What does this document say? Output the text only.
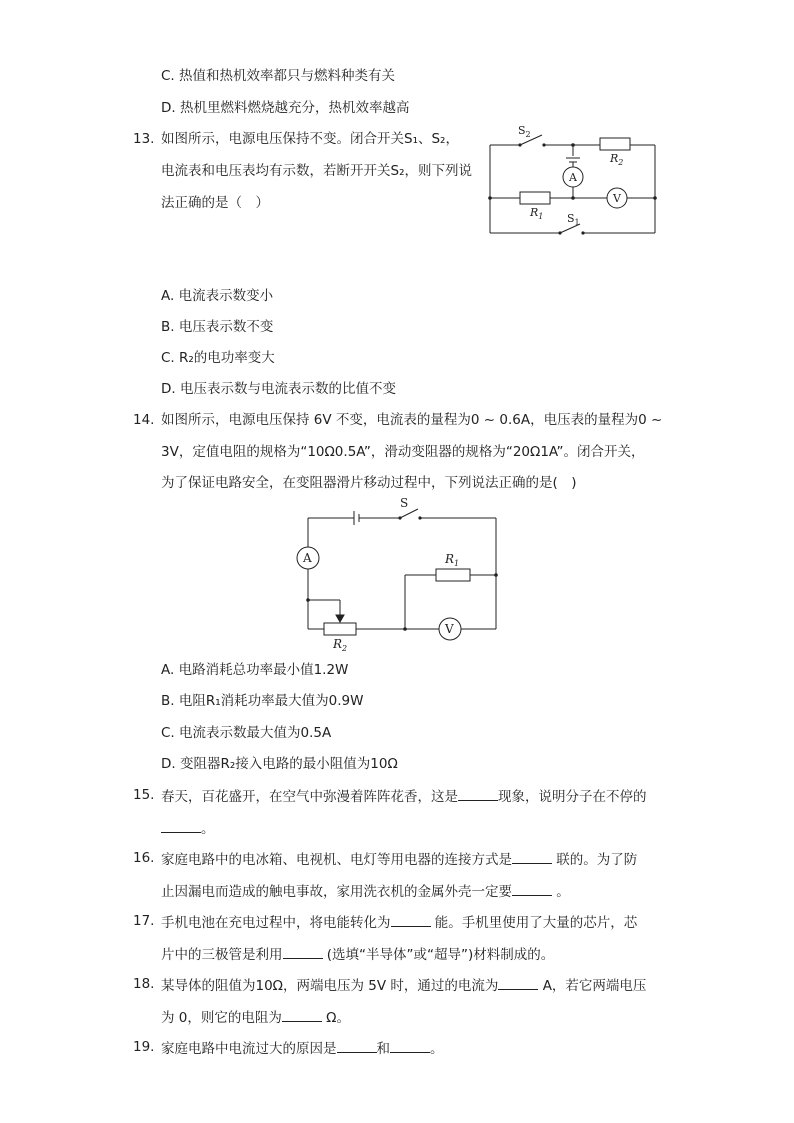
C. 热值和热机效率都只与燃料种类有关
D. 热机里燃料燃烧越充分，热机效率越高
13. 如图所示，电源电压保持不变。闭合开关S₁、S₂，
电流表和电压表均有示数，若断开开关S₂，则下列说
法正确的是（　）
$S_2$
$R_2$
A
V
$R_1$ $S_1$
A. 电流表示数变小
B. 电压表示数不变
C. R₂的电功率变大
D. 电压表示数与电流表示数的比值不变
14. 如图所示，电源电压保持 6V 不变，电流表的量程为0 ~ 0.6A，电压表的量程为0 ~
3V，定值电阻的规格为“10Ω0.5A”，滑动变阻器的规格为“20Ω1A”。闭合开关，
为了保证电路安全，在变阻器滑片移动过程中，下列说法正确的是(　)
S
A	$R_1$
V
$R_2$
A. 电路消耗总功率最小值1.2W
B. 电阻R₁消耗功率最大值为0.9W
C. 电流表示数最大值为0.5A
D. 变阻器R₂接入电路的最小阻值为10Ω
15. 春天，百花盛开，在空气中弥漫着阵阵花香，这是	现象，说明分子在不停的
。
16. 家庭电路中的电冰箱、电视机、电灯等用电器的连接方式是	联的。为了防
止因漏电而造成的触电事故，家用洗衣机的金属外壳一定要	。
17. 手机电池在充电过程中，将电能转化为	能。手机里使用了大量的芯片，芯
片中的三极管是利用	(选填“半导体”或“超导”)材料制成的。
18. 某导体的阻值为10Ω，两端电压为 5V 时，通过的电流为	A，若它两端电压
为 0，则它的电阻为	Ω。
19. 家庭电路中电流过大的原因是	和	。
